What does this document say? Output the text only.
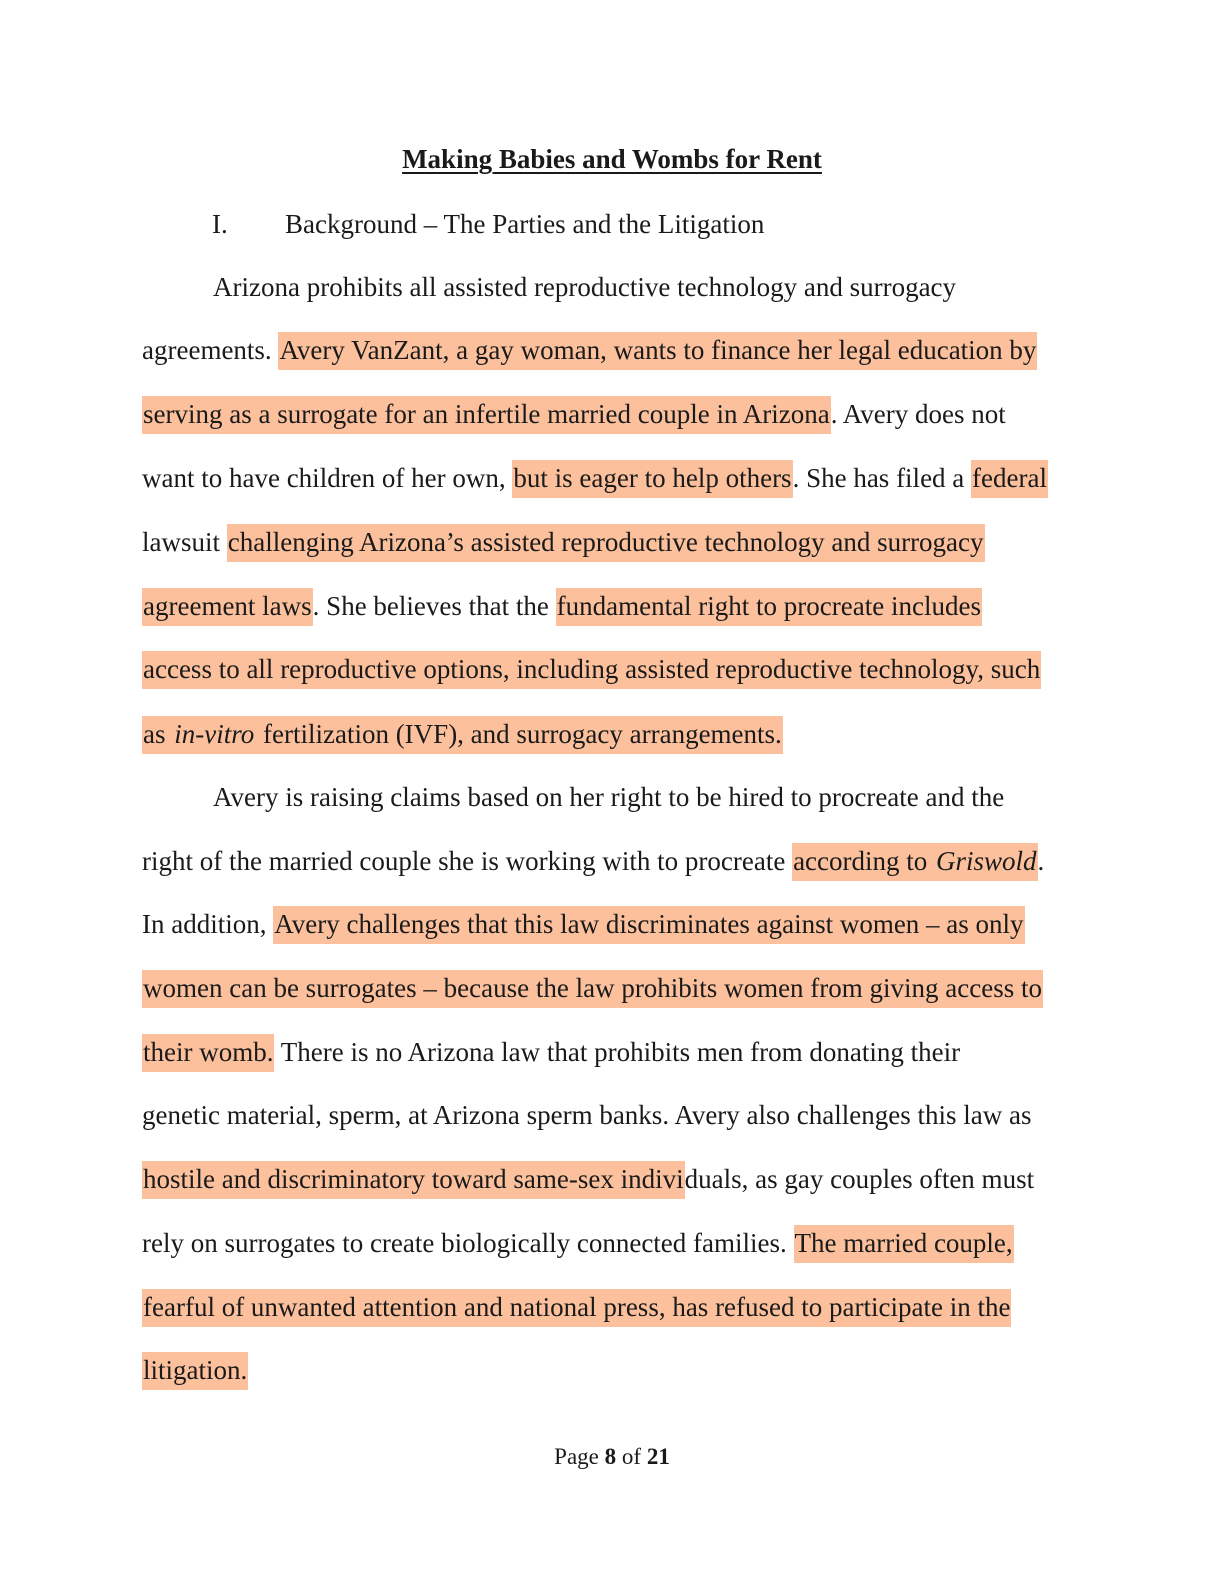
Making Babies and Wombs for Rent
I. Background – The Parties and the Litigation
Arizona prohibits all assisted reproductive technology and surrogacy
agreements. Avery VanZant, a gay woman, wants to finance her legal education by
serving as a surrogate for an infertile married couple in Arizona. Avery does not
want to have children of her own, but is eager to help others. She has filed a federal
lawsuit challenging Arizona’s assisted reproductive technology and surrogacy
agreement laws. She believes that the fundamental right to procreate includes
access to all reproductive options, including assisted reproductive technology, such
as in-vitro fertilization (IVF), and surrogacy arrangements.
Avery is raising claims based on her right to be hired to procreate and the
right of the married couple she is working with to procreate according to Griswold.
In addition, Avery challenges that this law discriminates against women – as only
women can be surrogates – because the law prohibits women from giving access to
their womb. There is no Arizona law that prohibits men from donating their
genetic material, sperm, at Arizona sperm banks. Avery also challenges this law as
hostile and discriminatory toward same-sex individuals, as gay couples often must
rely on surrogates to create biologically connected families. The married couple,
fearful of unwanted attention and national press, has refused to participate in the
litigation.
Page 8 of 21
